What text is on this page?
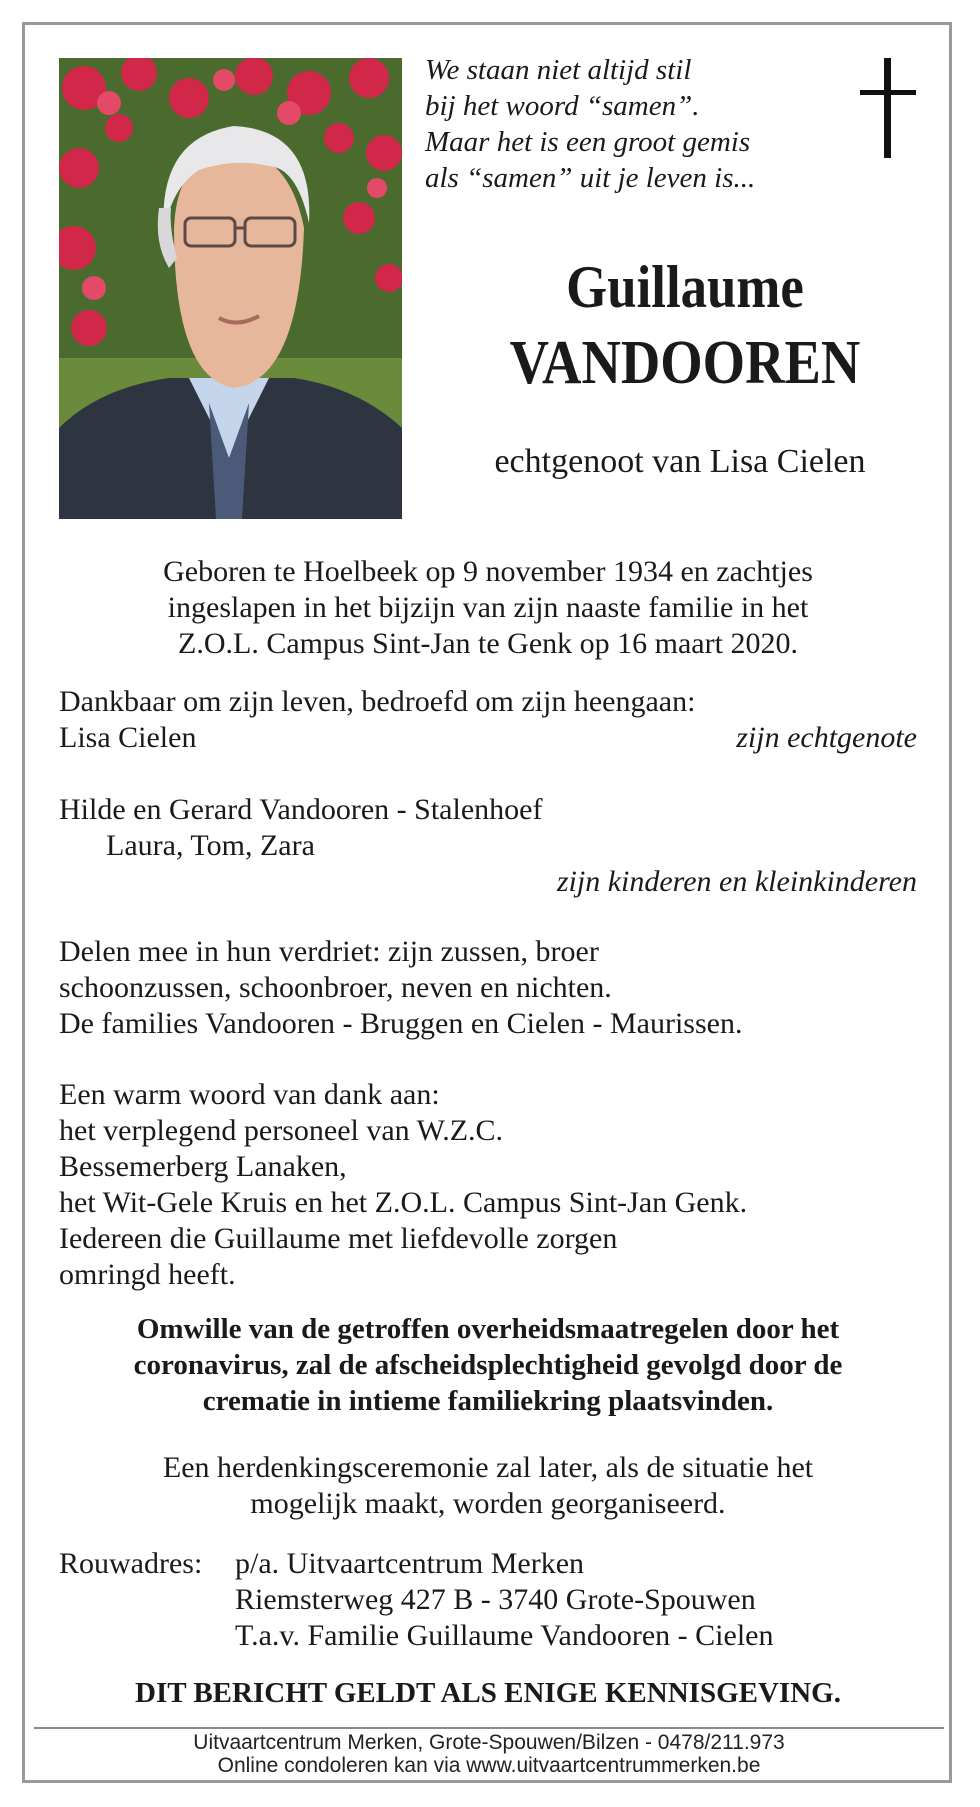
We staan niet altijd stil
bij het woord “samen”.
Maar het is een groot gemis
als “samen” uit je leven is...
Guillaume
VANDOOREN
echtgenoot van Lisa Cielen
Geboren te Hoelbeek op 9 november 1934 en zachtjes
ingeslapen in het bijzijn van zijn naaste familie in het
Z.O.L. Campus Sint-Jan te Genk op 16 maart 2020.
Dankbaar om zijn leven, bedroefd om zijn heengaan:
Lisa Cielen	zijn echtgenote
Hilde en Gerard Vandooren - Stalenhoef
Laura, Tom, Zara
zijn kinderen en kleinkinderen
Delen mee in hun verdriet: zijn zussen, broer
schoonzussen, schoonbroer, neven en nichten.
De families Vandooren - Bruggen en Cielen - Maurissen.
Een warm woord van dank aan:
het verplegend personeel van W.Z.C.
Bessemerberg Lanaken,
het Wit-Gele Kruis en het Z.O.L. Campus Sint-Jan Genk.
Iedereen die Guillaume met liefdevolle zorgen
omringd heeft.
Omwille van de getroffen overheidsmaatregelen door het
coronavirus, zal de afscheidsplechtigheid gevolgd door de
crematie in intieme familiekring plaatsvinden.
Een herdenkingsceremonie zal later, als de situatie het
mogelijk maakt, worden georganiseerd.
Rouwadres:	p/a. Uitvaartcentrum Merken
Riemsterweg 427 B - 3740 Grote-Spouwen
T.a.v. Familie Guillaume Vandooren - Cielen
DIT BERICHT GELDT ALS ENIGE KENNISGEVING.
Uitvaartcentrum Merken, Grote-Spouwen/Bilzen - 0478/211.973
Online condoleren kan via www.uitvaartcentrummerken.be
